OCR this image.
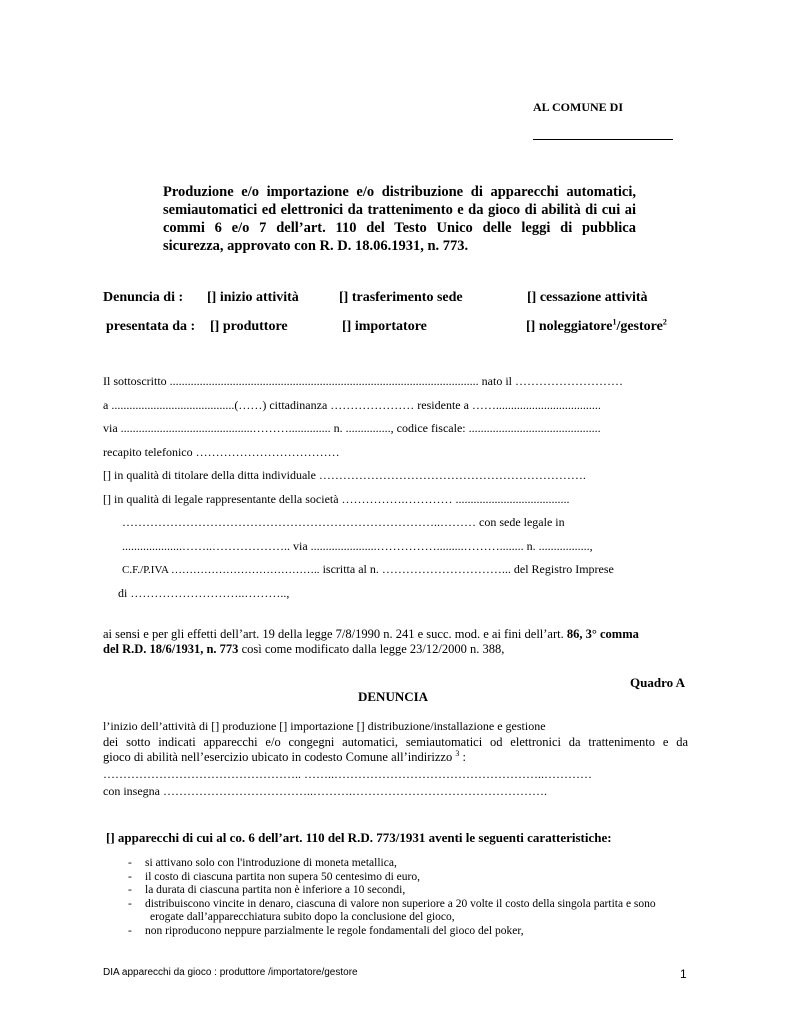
AL COMUNE DI
Produzione e/o importazione e/o distribuzione di apparecchi automatici,
semiautomatici ed elettronici da trattenimento e da gioco di abilità di cui ai
commi 6 e/o 7 dell’art. 110 del Testo Unico delle leggi di pubblica
sicurezza, approvato con R. D. 18.06.1931, n. 773.
Denuncia di : [] inizio attività	[] trasferimento sede	[] cessazione attività
presentata da : [] produttore	[] importatore	[] noleggiatore$^1$/gestore$^2$
Il sottoscritto ....................................................................................................... nato il ………………………
a .........................................(……) cittadinanza ………………… residente a ……...................................
via ............................................……….............. n. ..............., codice fiscale: ............................................
recapito telefonico ………………………………
[] in qualità di titolare della ditta individuale ………………………………………………………….
[] in qualità di legale rappresentante della società …………….………… ......................................
……………………………………………………………………..……… con sede legale in
....................……..……………….. via ......................…………….........………........ n. .................,
C.F./P.IVA ………………………………….. iscritta al n. …………………………... del Registro Imprese
di ………………………..………..,
ai sensi e per gli effetti dell’art. 19 della legge 7/8/1990 n. 241 e succ. mod. e ai fini dell’art. 86, 3° comma
del R.D. 18/6/1931, n. 773 così come modificato dalla legge 23/12/2000 n. 388,
Quadro A
DENUNCIA
l’inizio dell’attività di [] produzione [] importazione [] distribuzione/installazione e gestione
dei sotto indicati apparecchi e/o congegni automatici, semiautomatici od elettronici da trattenimento e da
gioco di abilità nell’esercizio ubicato in codesto Comune all’indirizzo $^3$ :
………………………………………….. ……..……………………………………………..…………
con insegna ………………………………..……….………………………………………….
[] apparecchi di cui al co. 6 dell’art. 110 del R.D. 773/1931 aventi le seguenti caratteristiche:
- si attivano solo con l'introduzione di moneta metallica,
- il costo di ciascuna partita non supera 50 centesimo di euro,
- la durata di ciascuna partita non è inferiore a 10 secondi,
- distribuiscono vincite in denaro, ciascuna di valore non superiore a 20 volte il costo della singola partita e sono
erogate dall’apparecchiatura subito dopo la conclusione del gioco,
- non riproducono neppure parzialmente le regole fondamentali del gioco del poker,
DIA apparecchi da gioco : produttore /importatore/gestore	1
